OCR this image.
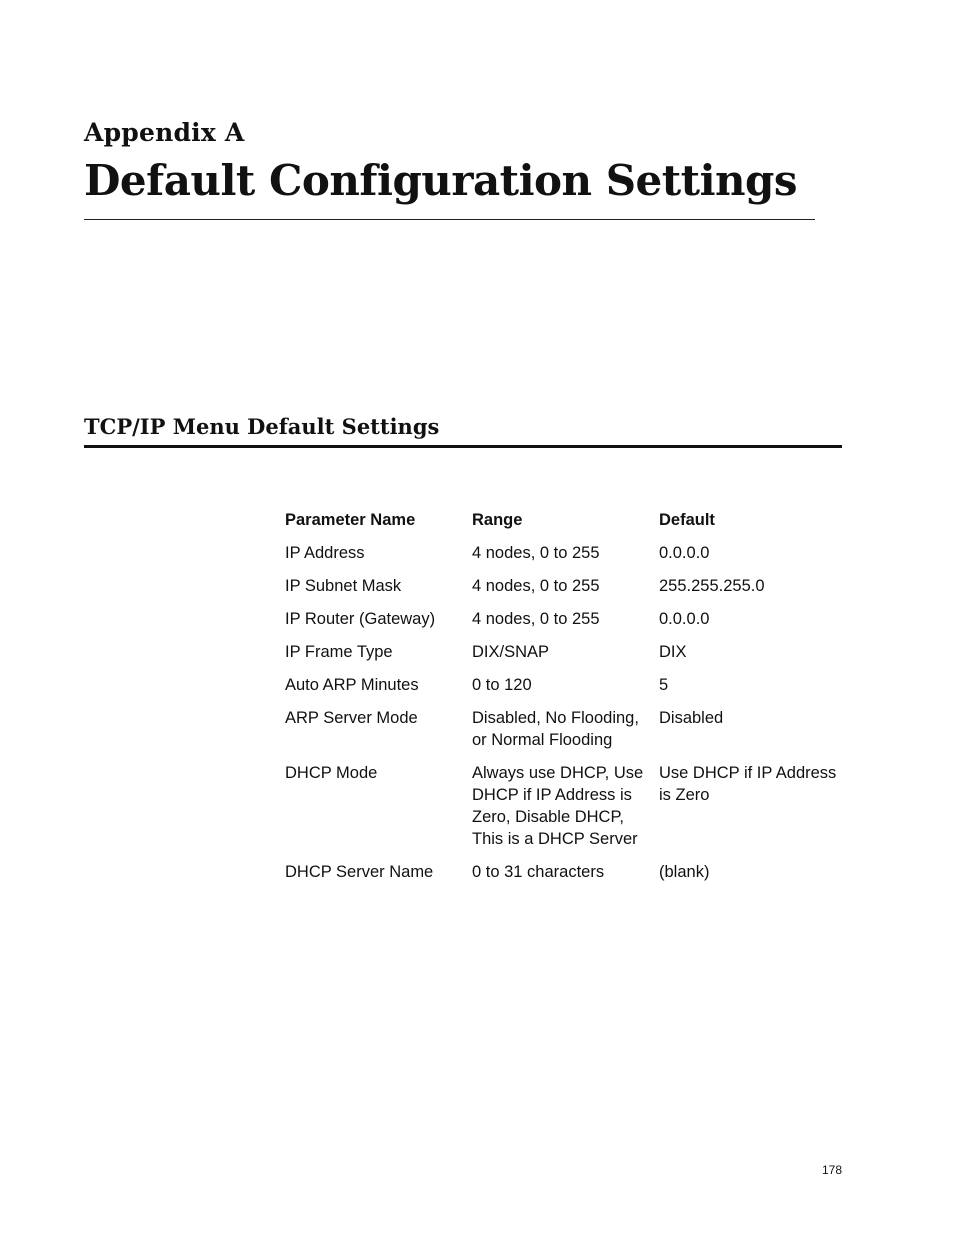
Appendix A
Default Configuration Settings
TCP/IP Menu Default Settings
Parameter Name	Range	Default
IP Address	4 nodes, 0 to 255	0.0.0.0
IP Subnet Mask	4 nodes, 0 to 255	255.255.255.0
IP Router (Gateway)	4 nodes, 0 to 255	0.0.0.0
IP Frame Type	DIX/SNAP	DIX
Auto ARP Minutes	0 to 120	5
ARP Server Mode	Disabled, No Flooding, or Normal Flooding	Disabled
DHCP Mode	Always use DHCP, Use DHCP if IP Address is Zero, Disable DHCP, This is a DHCP Server	Use DHCP if IP Address is Zero
DHCP Server Name	0 to 31 characters	(blank)
178
